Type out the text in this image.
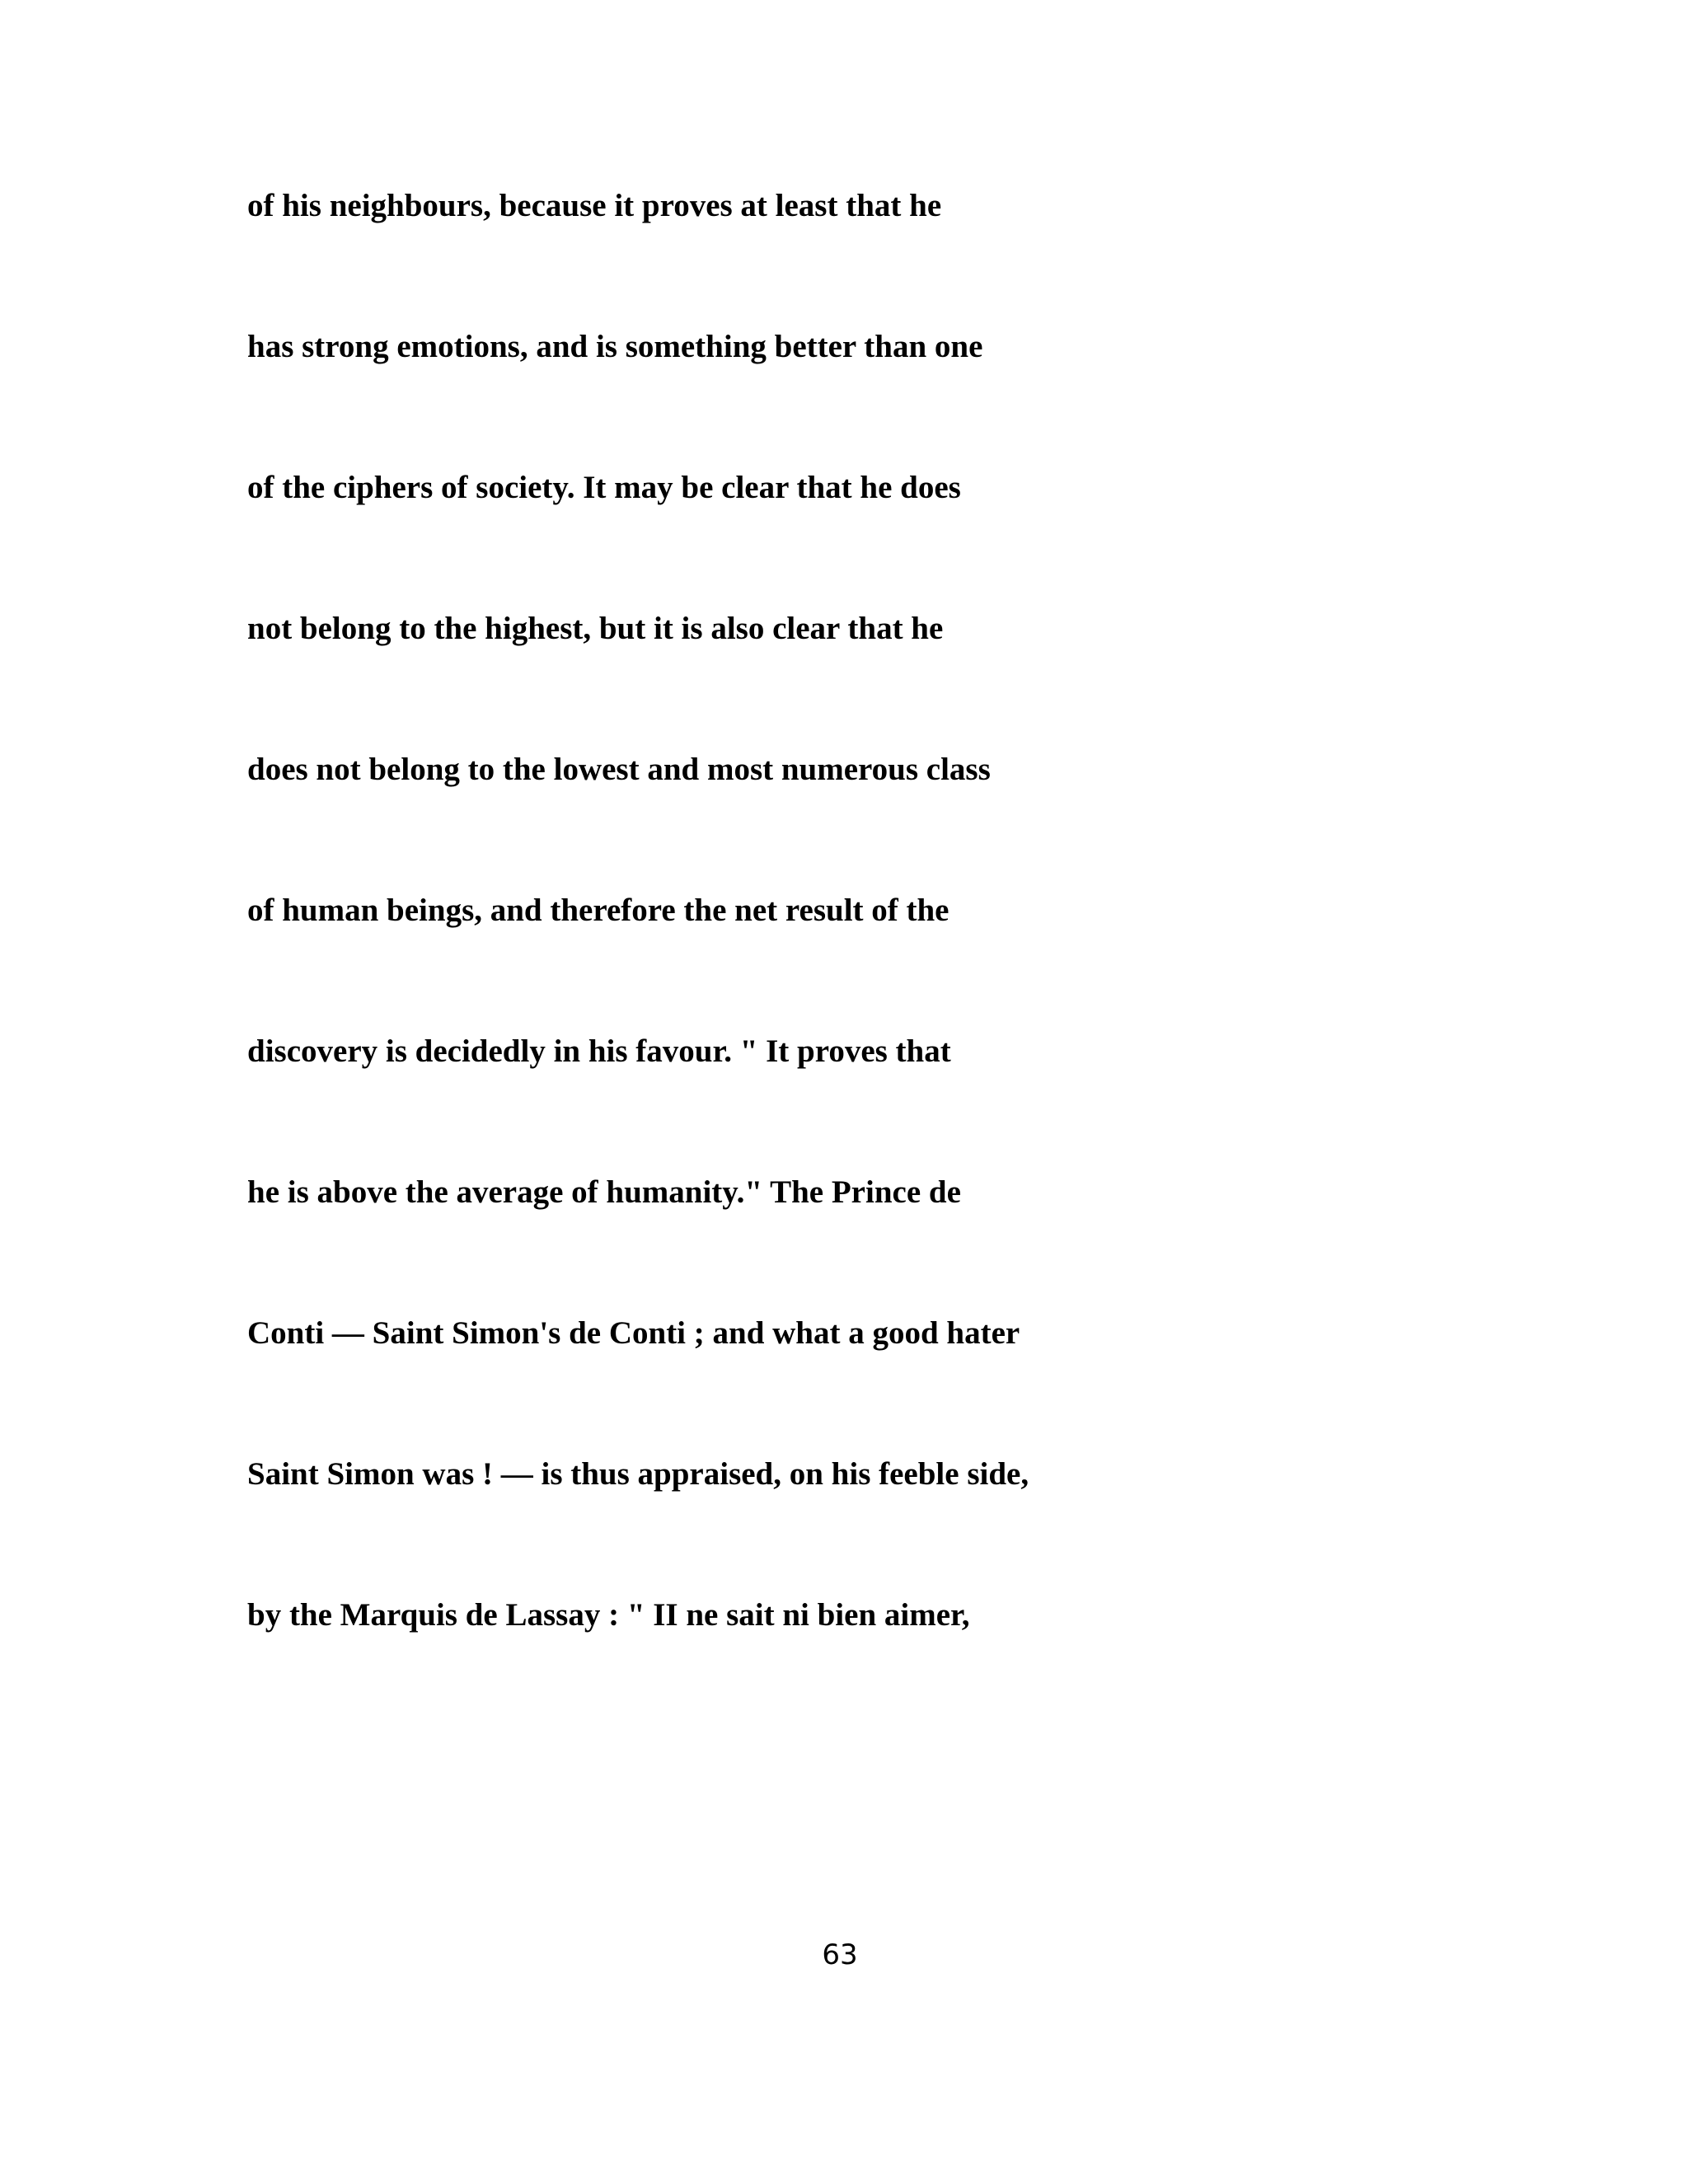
of his neighbours, because it proves at least that he
has strong emotions, and is something better than one
of the ciphers of society. It may be clear that he does
not belong to the highest, but it is also clear that he
does not belong to the lowest and most numerous class
of human beings, and therefore the net result of the
discovery is decidedly in his favour. " It proves that
he is above the average of humanity." The Prince de
Conti — Saint Simon's de Conti ; and what a good hater
Saint Simon was ! — is thus appraised, on his feeble side,
by the Marquis de Lassay : " II ne sait ni bien aimer,
63
